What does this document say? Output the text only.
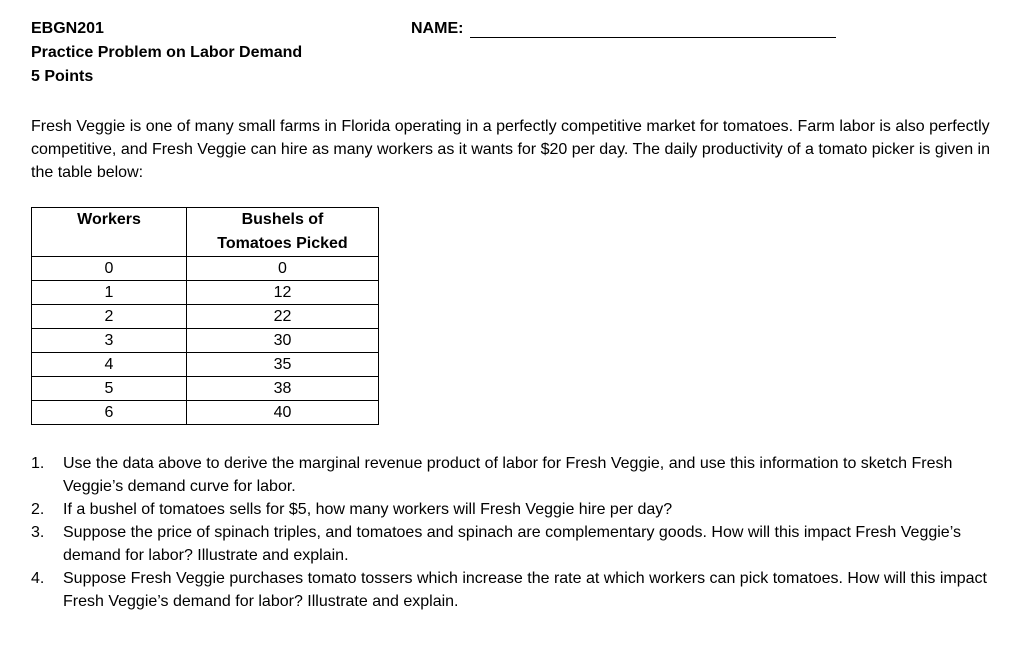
EBGN201
Practice Problem on Labor Demand
5 Points
NAME:
Fresh Veggie is one of many small farms in Florida operating in a perfectly competitive market for tomatoes. Farm labor is also perfectly competitive, and Fresh Veggie can hire as many workers as it wants for $20 per day. The daily productivity of a tomato picker is given in the table below:
Workers	Bushels of
Tomatoes Picked

0	0
1	12
2	22
3	30
4	35
5	38
6	40
1. Use the data above to derive the marginal revenue product of labor for Fresh Veggie, and use this information to sketch Fresh Veggie’s demand curve for labor.
2. If a bushel of tomatoes sells for $5, how many workers will Fresh Veggie hire per day?
3. Suppose the price of spinach triples, and tomatoes and spinach are complementary goods. How will this impact Fresh Veggie’s demand for labor? Illustrate and explain.
4. Suppose Fresh Veggie purchases tomato tossers which increase the rate at which workers can pick tomatoes. How will this impact Fresh Veggie’s demand for labor? Illustrate and explain.
